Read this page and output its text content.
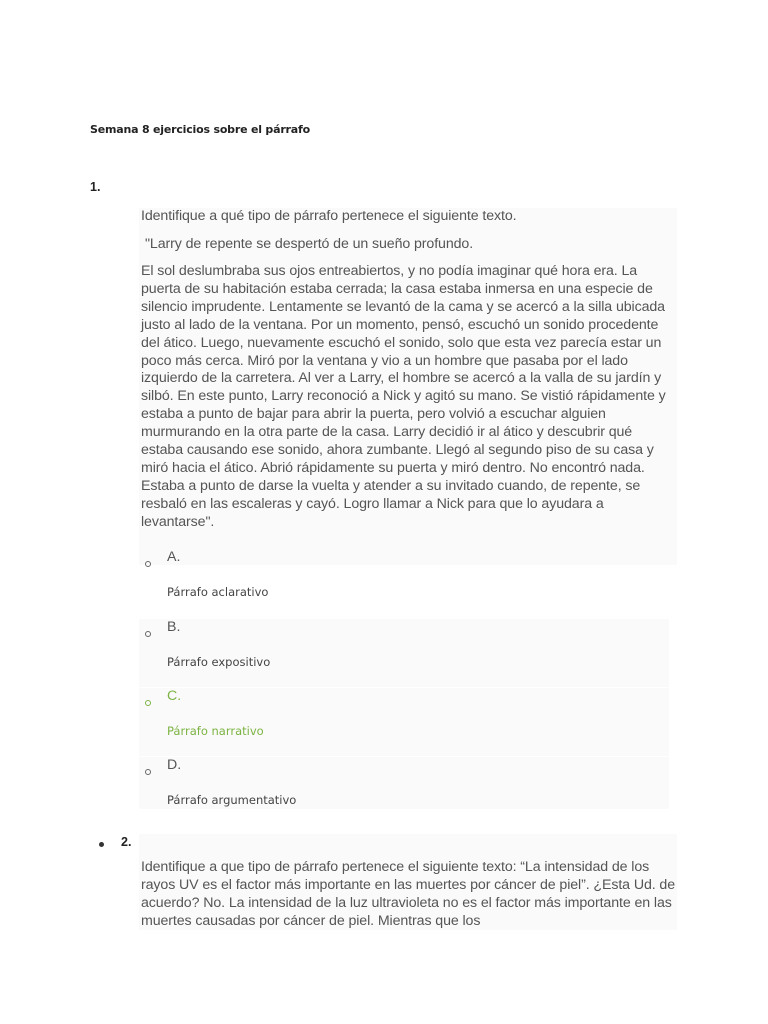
Semana 8 ejercicios sobre el párrafo
1.

Identifique a qué tipo de párrafo pertenece el siguiente texto.

"Larry de repente se despertó de un sueño profundo.

El sol deslumbraba sus ojos entreabiertos, y no podía imaginar qué hora era. La puerta de su habitación estaba cerrada; la casa estaba inmersa en una especie de silencio imprudente. Lentamente se levantó de la cama y se acercó a la silla ubicada justo al lado de la ventana. Por un momento, pensó, escuchó un sonido procedente del ático. Luego, nuevamente escuchó el sonido, solo que esta vez parecía estar un poco más cerca. Miró por la ventana y vio a un hombre que pasaba por el lado izquierdo de la carretera. Al ver a Larry, el hombre se acercó a la valla de su jardín y silbó. En este punto, Larry reconoció a Nick y agitó su mano. Se vistió rápidamente y estaba a punto de bajar para abrir la puerta, pero volvió a escuchar alguien murmurando en la otra parte de la casa. Larry decidió ir al ático y descubrir qué estaba causando ese sonido, ahora zumbante. Llegó al segundo piso de su casa y miró hacia el ático. Abrió rápidamente su puerta y miró dentro. No encontró nada. Estaba a punto de darse la vuelta y atender a su invitado cuando, de repente, se resbaló en las escaleras y cayó. Logro llamar a Nick para que lo ayudara a levantarse".

A.
Párrafo aclarativo
B.
Párrafo expositivo
C.
Párrafo narrativo
D.
Párrafo argumentativo
2.

Identifique a que tipo de párrafo pertenece el siguiente texto: “La intensidad de los rayos UV es el factor más importante en las muertes por cáncer de piel”. ¿Esta Ud. de acuerdo? No. La intensidad de la luz ultravioleta no es el factor más importante en las muertes causadas por cáncer de piel. Mientras que los
